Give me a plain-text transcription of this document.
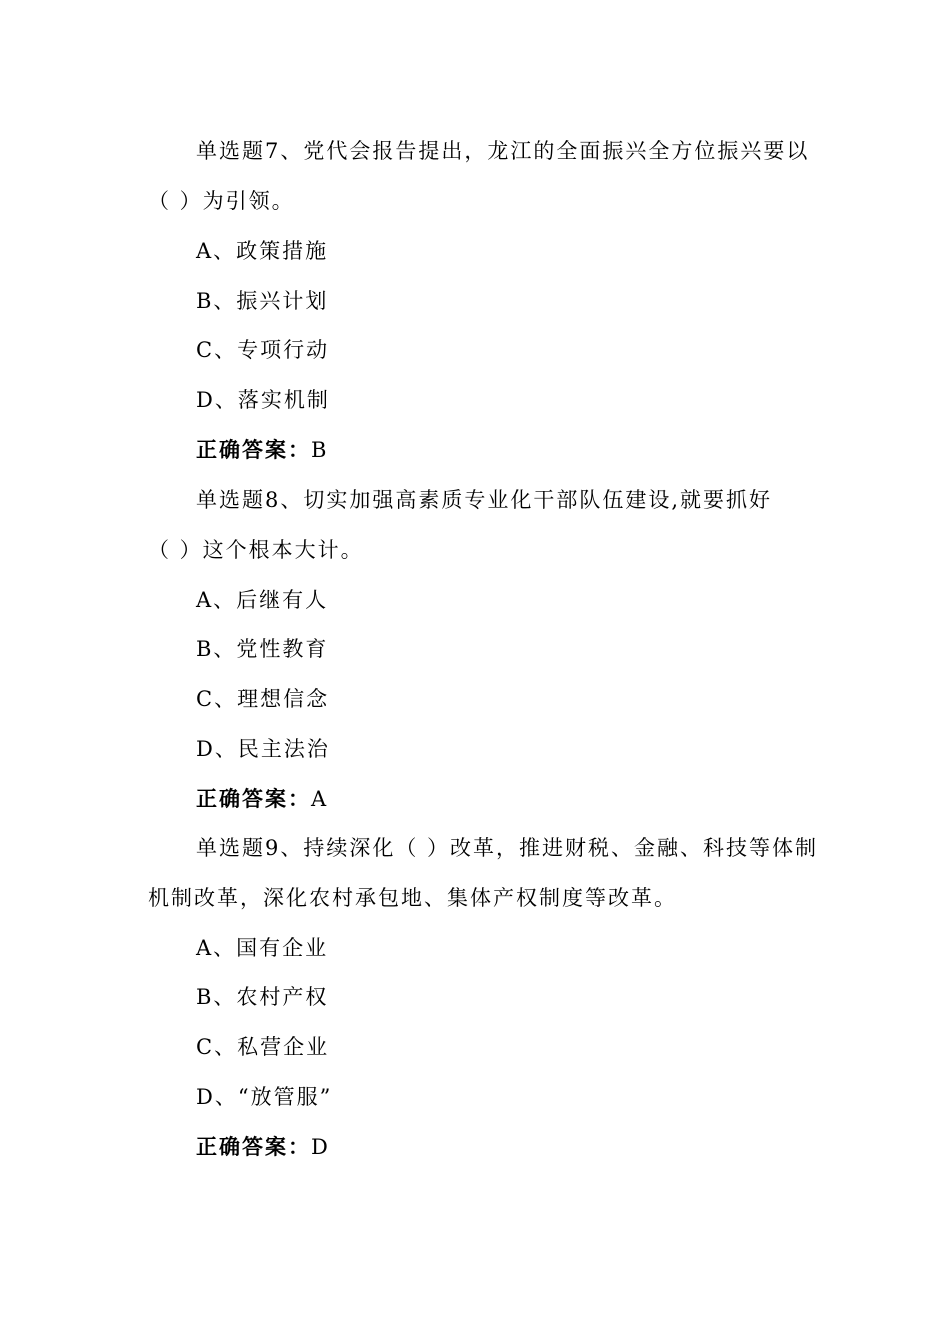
单选题7、党代会报告提出，龙江的全面振兴全方位振兴要以
（ ）为引领。
A、政策措施
B、振兴计划
C、专项行动
D、落实机制
正确答案：B
单选题8、切实加强高素质专业化干部队伍建设,就要抓好
（ ）这个根本大计。
A、后继有人
B、党性教育
C、理想信念
D、民主法治
正确答案：A
单选题9、持续深化（ ）改革，推进财税、金融、科技等体制
机制改革，深化农村承包地、集体产权制度等改革。
A、国有企业
B、农村产权
C、私营企业
D、“放管服”
正确答案：D
